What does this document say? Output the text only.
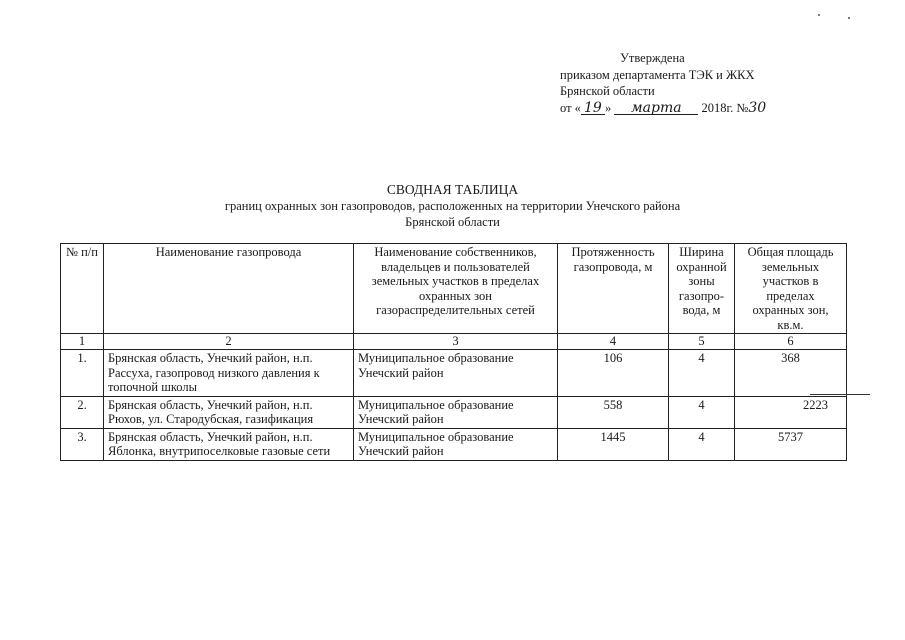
Утверждена
приказом департамента ТЭК и ЖКХ
Брянской области
от « 19 » марта 2018г. №30
СВОДНАЯ ТАБЛИЦА
границ охранных зон газопроводов, расположенных на территории Унечского района
Брянской области
№ п/п	Наименование газопровода	Наименование собственников, владельцев и пользователей земельных участков в пределах охранных зон газораспределительных сетей	Протяженность газопровода, м	Ширина охранной зоны газопро-вода, м	Общая площадь земельных участков в пределах охранных зон, кв.м.
1	2	3	4	5	6
1.	Брянская область, Унечкий район, н.п. Рассуха, газопровод низкого давления к топочной школы	Муниципальное образование Унечский район	106	4	368
2.	Брянская область, Унечкий район, н.п. Рюхов, ул. Стародубская, газификация	Муниципальное образование Унечский район	558	4	2223
3.	Брянская область, Унечкий район, н.п. Яблонка, внутрипоселковые газовые сети	Муниципальное образование Унечский район	1445	4	5737
